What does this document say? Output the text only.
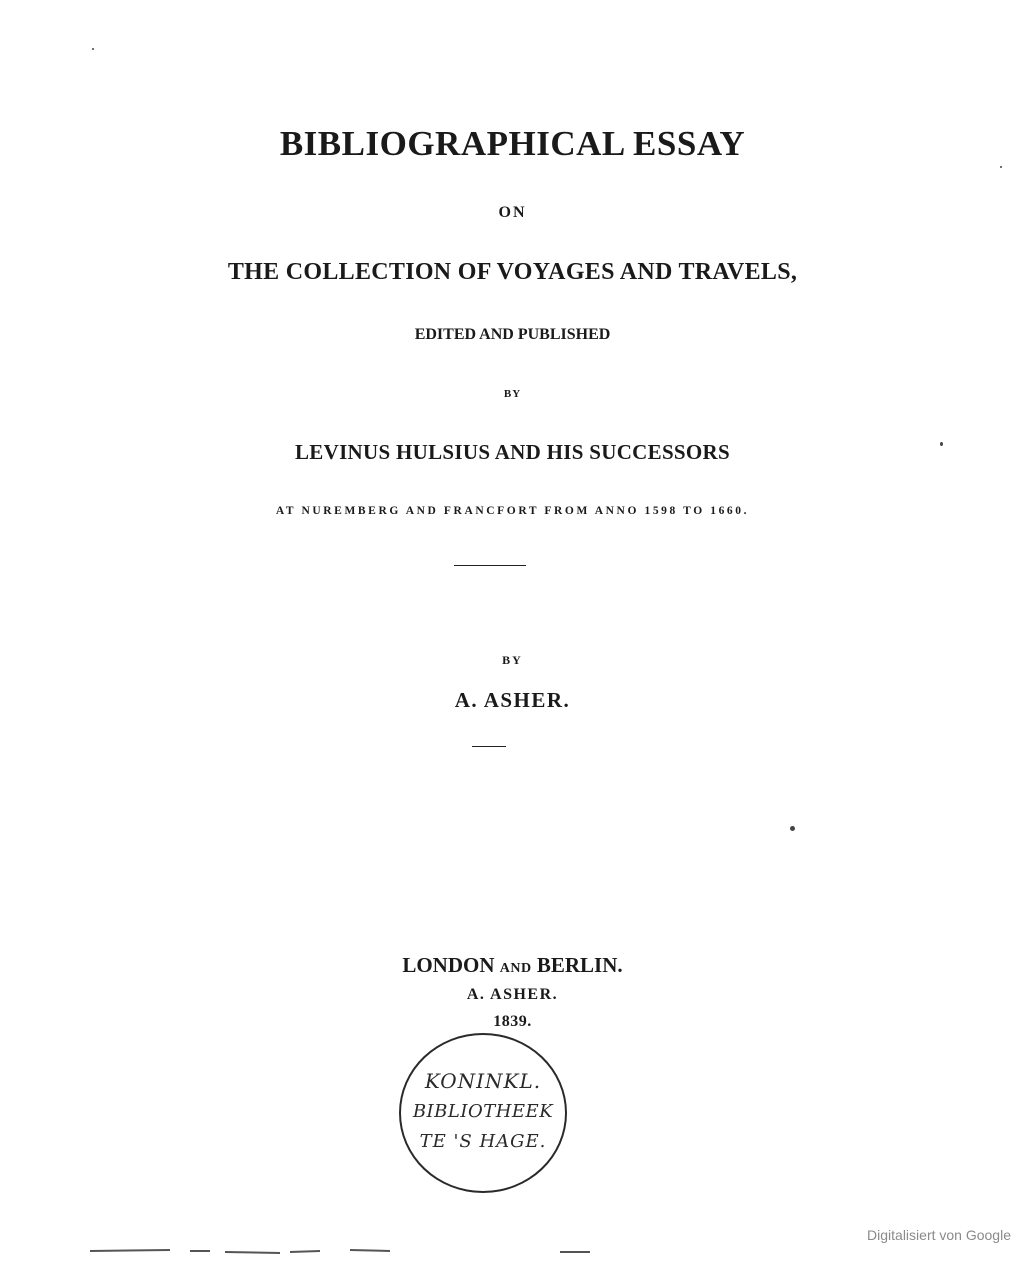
BIBLIOGRAPHICAL ESSAY
ON
THE COLLECTION OF VOYAGES AND TRAVELS,
EDITED AND PUBLISHED
BY
LEVINUS HULSIUS AND HIS SUCCESSORS
AT NUREMBERG AND FRANCFORT FROM ANNO 1598 TO 1660.
BY
A. ASHER.
LONDON AND BERLIN.
A. ASHER.
1839.
KONINKL.
BIBLIOTHEEK
TE 'S HAGE.
Digitalisiert von Google
